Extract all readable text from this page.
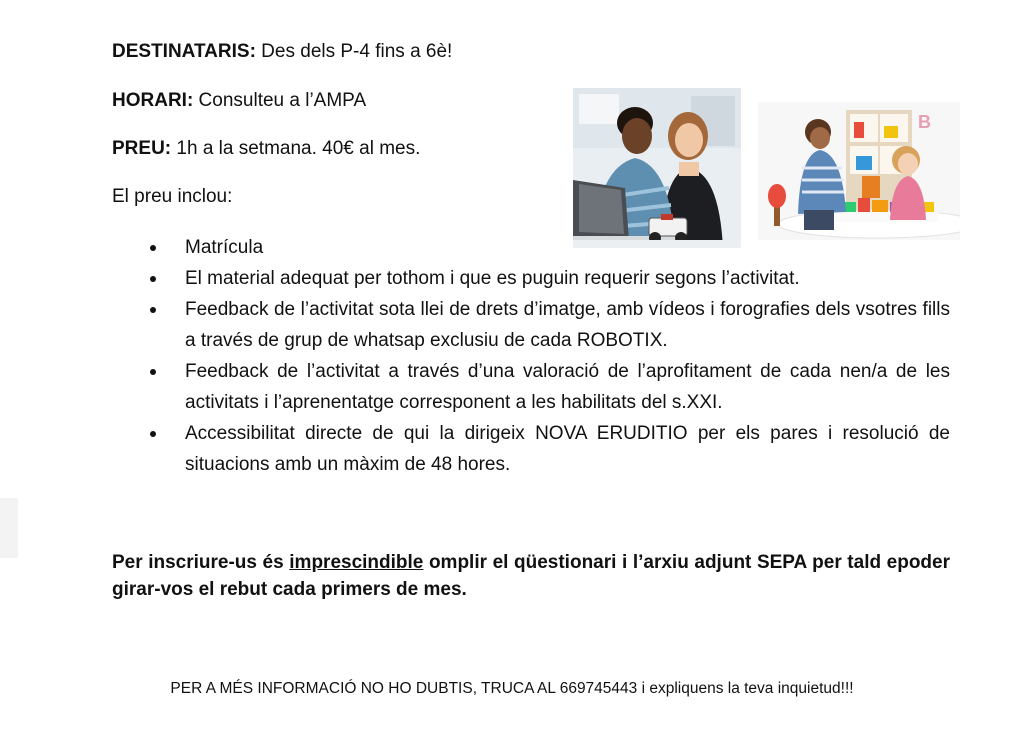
DESTINATARIS: Des dels P-4 fins a 6è!
HORARI: Consulteu a l’AMPA
PREU: 1h a la setmana. 40€ al mes.
El preu inclou:
B
Matrícula
El material adequat per tothom i que es puguin requerir segons l’activitat.
Feedback de l’activitat sota llei de drets d’imatge, amb vídeos i forografies dels vsotres fills a través de grup de whatsap exclusiu de cada ROBOTIX.
Feedback de l’activitat a través d’una valoració de l’aprofitament de cada nen/a de les activitats i l’aprenentatge corresponent a les habilitats del s.XXI.
Accessibilitat directe de qui la dirigeix NOVA ERUDITIO per els pares i resolució de situacions amb un màxim de 48 hores.
Per inscriure-us és imprescindible omplir el qüestionari i l’arxiu adjunt SEPA per tald epoder girar-vos el rebut cada primers de mes.
PER A MÉS INFORMACIÓ NO HO DUBTIS, TRUCA AL 669745443 i expliquens la teva inquietud!!!
